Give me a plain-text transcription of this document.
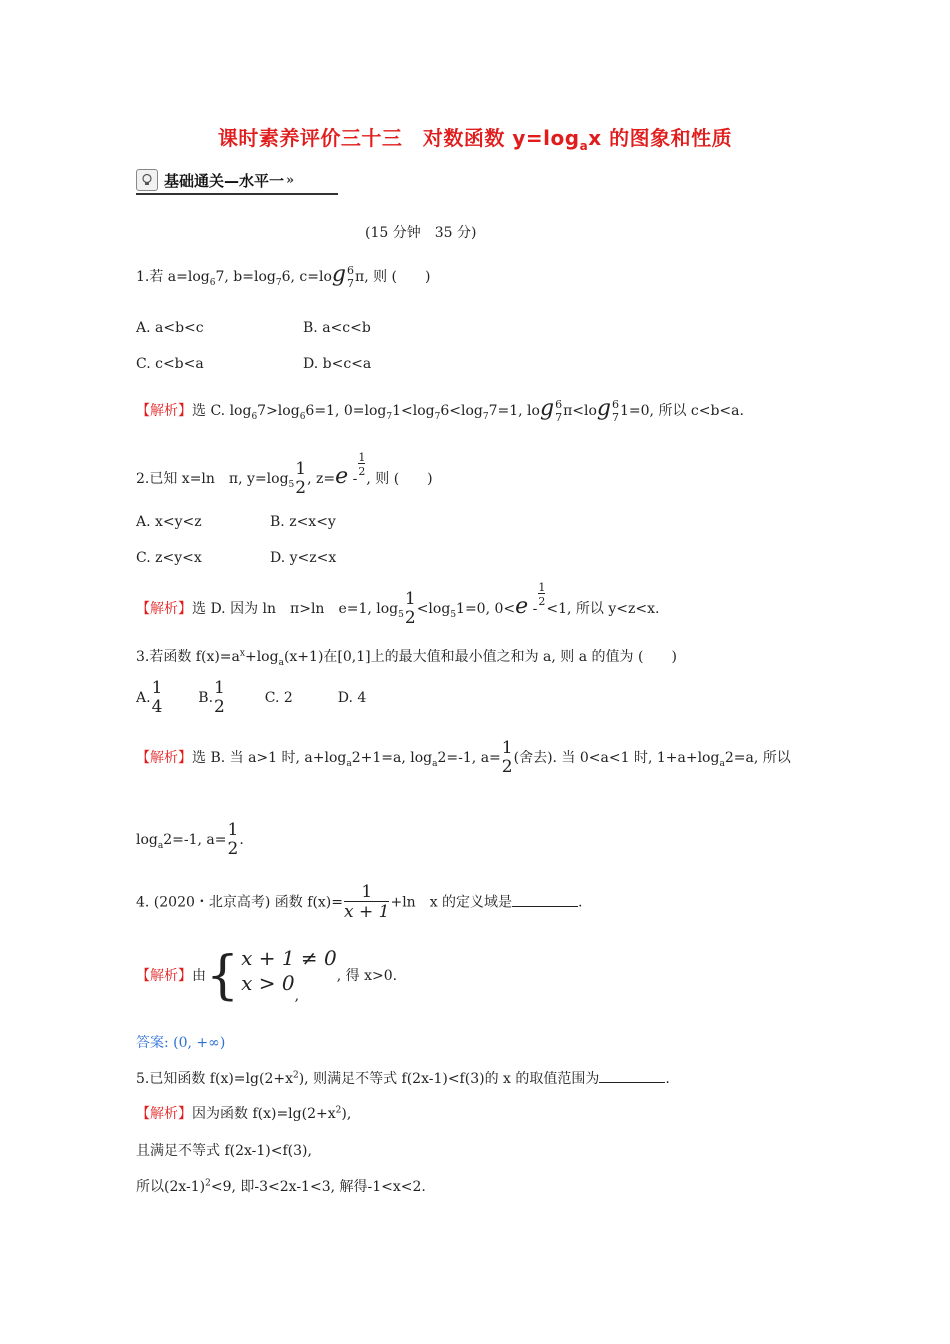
课时素养评价三十三　对数函数 $y=\log_ax$ 的图象和性质
基础通关—水平一 »
(15 分钟　35 分)
1.若 $a=\log_67$, $b=\log_76$, c=log 6
7 π, 则 (　　)
A. a<b<c	B. a<c<b
C. c<b<a	D. b<c<a
【解析】选 C. $\log_67>\log_66=1$, $0=\log_71<\log_76<\log_77=1$, log 6
7 π<log 6
7 1=0, 所以 c<b<a.
2.已知 x=ln　π, $y=\log_5$
1
2 , z=e -
$\frac{1}{2}$
, 则 (　　)
A. x<y<z	B. z<x<y
C. z<y<x	D. y<z<x
【解析】选 D. 因为 ln　π>ln　e=1, $\log_5$
1
$2 <\log_51=0$, 0<e -
$\frac{1}{2}$
<1, 所以 y<z<x.
3.若函数 $f(x)=a^x+\log_a(x+1)$在[0,1]上的最大值和最小值之和为 a, 则 a 的值为 (　　)
A. 1
4	B. 1
2	C. 2	D. 4
【解析】选 B. 当 a>1 时, $a+\log_a2+1=a$, $\log_a2=-1$, a= 1
2 (舍去). 当 0<a<1 时, $1+a+\log_a2=a$, 所以
$\log_a2=-1$, a= 1
2 .
4. (2020・北京高考) 函数 $f(x)= \frac{1}{x + 1} +\ln$　x 的定义域是	.
【解析】由 { x + 1 ≠ 0
$x > 0_,$
, 得 x>0.
答案: (0, +∞)
5.已知函数 $f(x)=\lg(2+x^2)$, 则满足不等式 f(2x-1)<f(3)的 x 的取值范围为	.
【解析】因为函数 $f(x)=\lg(2+x^2)$,
且满足不等式 f(2x-1)<f(3),
所以$(2x-1)^2<9$, 即-3<2x-1<3, 解得-1<x<2.
